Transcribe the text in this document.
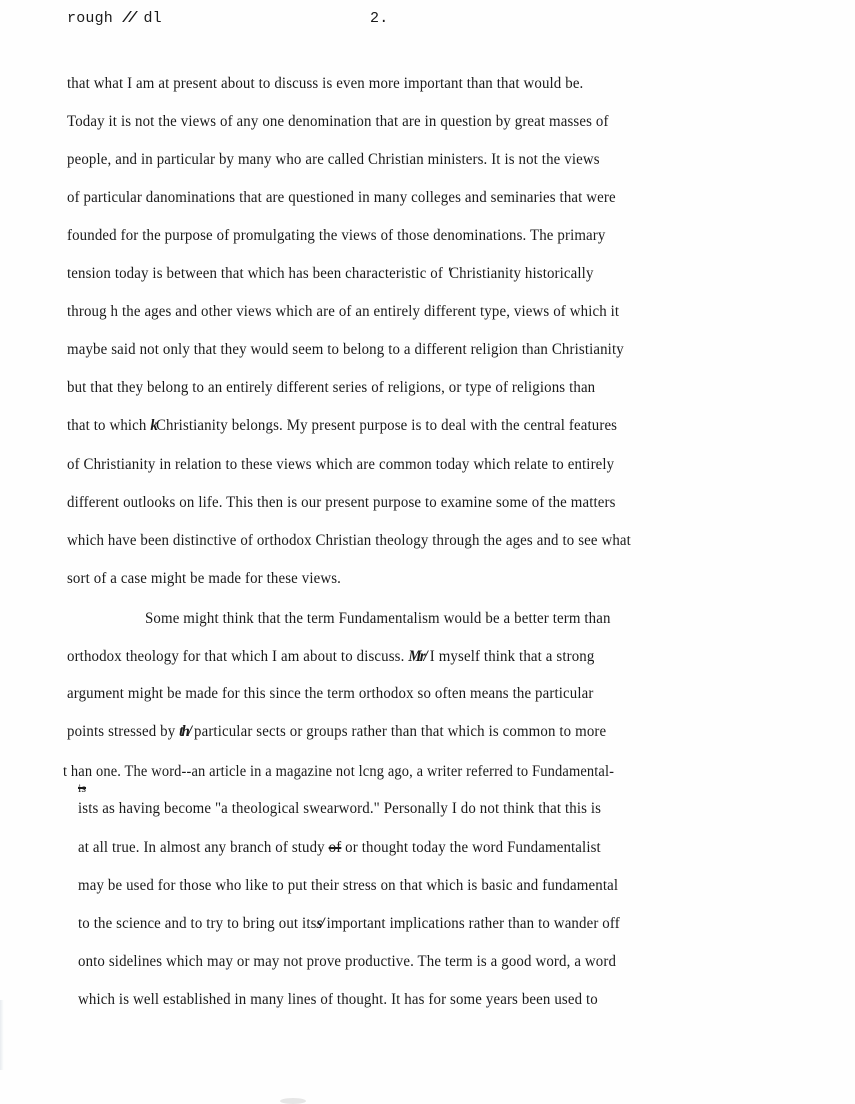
rough // dl	2.
that what I am at present about to discuss is even more important than that would be.
Today it is not the views of any one denomination that are in question by great masses of
people, and in particular by many who are called Christian ministers. It is not the views
of particular danominations that are questioned in many colleges and seminaries that were
founded for the purpose of promulgating the views of those denominations. The primary
tension today is between that which has been characteristic of 'Christianity historically
throug h the ages and other views which are of an entirely different type, views of which it
maybe said not only that they would seem to belong to a different religion than Christianity
but that they belong to an entirely different series of religions, or type of religions than
that to which kChristianity belongs. My present purpose is to deal with the central features
of Christianity in relation to these views which are common today which relate to entirely
different outlooks on life. This then is our present purpose to examine some of the matters
which have been distinctive of orthodox Christian theology through the ages and to see what
sort of a case might be made for these views.
Some might think that the term Fundamentalism would be a better term than
orthodox theology for that which I am about to discuss. Mr/ I myself think that a strong
argument might be made for this since the term orthodox so often means the particular
points stressed by th/ particular sects or groups rather than that which is common to more
t han one. The word--an article in a magazine not lcng ago, a writer referred to Fundamental-
is
ists as having become "a theological swearword." Personally I do not think that this is
at all true. In almost any branch of study of or thought today the word Fundamentalist
may be used for those who like to put their stress on that which is basic and fundamental
to the science and to try to bring out itss/ important implications rather than to wander off
onto sidelines which may or may not prove productive. The term is a good word, a word
which is well established in many lines of thought. It has for some years been used to
